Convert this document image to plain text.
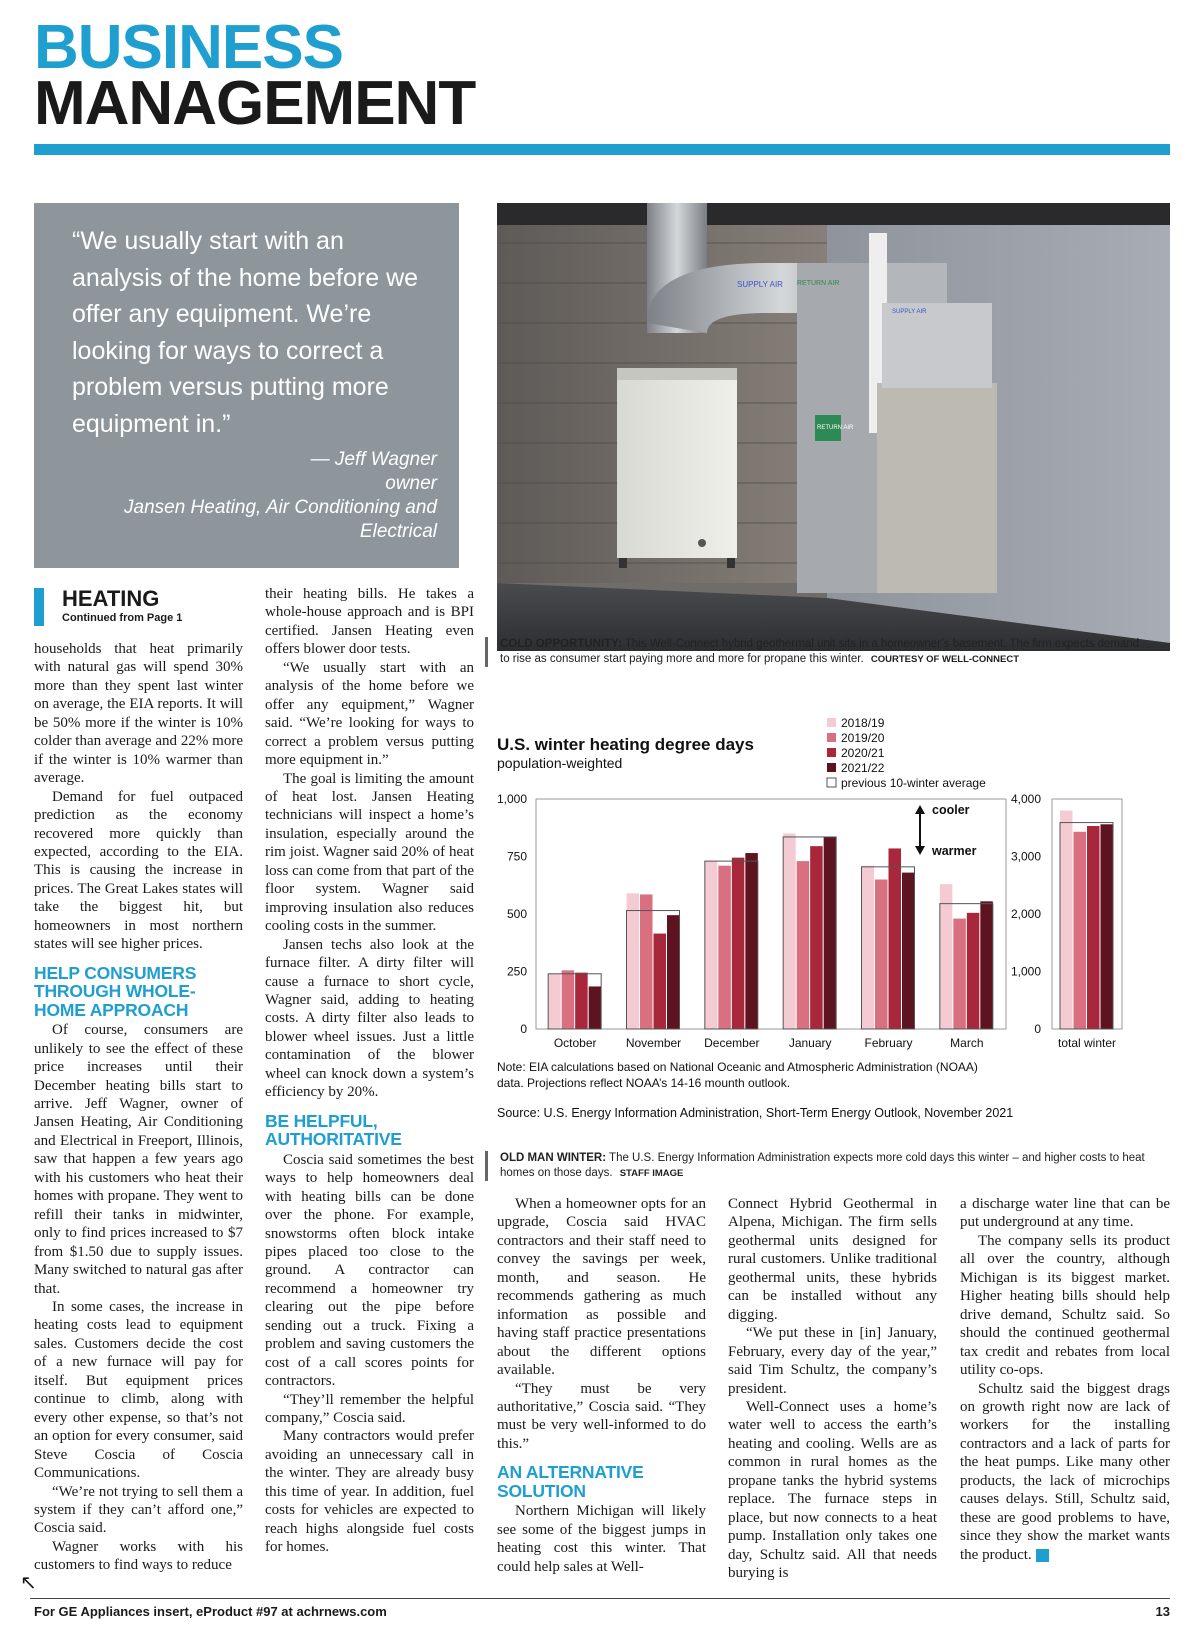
BUSINESS
MANAGEMENT
“We usually start with an analysis of the home before we offer any equipment. We’re looking for ways to correct a problem versus putting more equipment in.”
— Jeff Wagner
owner
Jansen Heating, Air Conditioning and Electrical
SUPPLY AIR RETURN AIR
RETURN AIR
SUPPLY AIR
COLD OPPORTUNITY: This Well-Connect hybrid geothermal unit sits in a homeowner’s basement. The firm expects demand to rise as consumer start paying more and more for propane this winter. COURTESY OF WELL-CONNECT
U.S. winter heating degree days
population-weighted
2018/19
2019/20
2020/21
2021/22
previous 10-winter average
0
250
500
750
1,000
October November December January	February	March
cooler
warmer
0
1,000
2,000
3,000
4,000
total winter
Note: EIA calculations based on National Oceanic and Atmospheric Administration (NOAA) data. Projections reflect NOAA’s 14-16 mounth outlook.
Source: U.S. Energy Information Administration, Short-Term Energy Outlook, November 2021
OLD MAN WINTER: The U.S. Energy Information Administration expects more cold days this winter – and higher costs to heat homes on those days. STAFF IMAGE
HEATING
Continued from Page 1

households that heat primarily with natural gas will spend 30% more than they spent last winter on average, the EIA reports. It will be 50% more if the winter is 10% colder than average and 22% more if the winter is 10% warmer than average.

Demand for fuel outpaced prediction as the economy recovered more quickly than expected, according to the EIA. This is causing the increase in prices. The Great Lakes states will take the biggest hit, but homeowners in most northern states will see higher prices.

HELP CONSUMERS THROUGH WHOLE-HOME APPROACH

Of course, consumers are unlikely to see the effect of these price increases until their December heating bills start to arrive. Jeff Wagner, owner of Jansen Heating, Air Conditioning and Electrical in Freeport, Illinois, saw that happen a few years ago with his customers who heat their homes with propane. They went to refill their tanks in midwinter, only to find prices increased to $7 from $1.50 due to supply issues. Many switched to natural gas after that.

In some cases, the increase in heating costs lead to equipment sales. Customers decide the cost of a new furnace will pay for itself. But equipment prices continue to climb, along with every other expense, so that’s not an option for every consumer, said Steve Coscia of Coscia Communications.

“We’re not trying to sell them a system if they can’t afford one,” Coscia said.

Wagner works with his customers to find ways to reduce

their heating bills. He takes a whole-house approach and is BPI certified. Jansen Heating even offers blower door tests.

“We usually start with an analysis of the home before we offer any equipment,” Wagner said. “We’re looking for ways to correct a problem versus putting more equipment in.”

The goal is limiting the amount of heat lost. Jansen Heating technicians will inspect a home’s insulation, especially around the rim joist. Wagner said 20% of heat loss can come from that part of the floor system. Wagner said improving insulation also reduces cooling costs in the summer.

Jansen techs also look at the furnace filter. A dirty filter will cause a furnace to short cycle, Wagner said, adding to heating costs. A dirty filter also leads to blower wheel issues. Just a little contamination of the blower wheel can knock down a system’s efficiency by 20%.

BE HELPFUL, AUTHORITATIVE

Coscia said sometimes the best ways to help homeowners deal with heating bills can be done over the phone. For example, snowstorms often block intake pipes placed too close to the ground. A contractor can recommend a homeowner try clearing out the pipe before sending out a truck. Fixing a problem and saving customers the cost of a call scores points for contractors.

“They’ll remember the helpful company,” Coscia said.

Many contractors would prefer avoiding an unnecessary call in the winter. They are already busy this time of year. In addition, fuel costs for vehicles are expected to reach highs alongside fuel costs for homes.

When a homeowner opts for an upgrade, Coscia said HVAC contractors and their staff need to convey the savings per week, month, and season. He recommends gathering as much information as possible and having staff practice presentations about the different options available.

“They must be very authoritative,” Coscia said. “They must be very well-informed to do this.”

AN ALTERNATIVE SOLUTION

Northern Michigan will likely see some of the biggest jumps in heating cost this winter. That could help sales at Well-

Connect Hybrid Geothermal in Alpena, Michigan. The firm sells geothermal units designed for rural customers. Unlike traditional geothermal units, these hybrids can be installed without any digging.

“We put these in [in] January, February, every day of the year,” said Tim Schultz, the company’s president.

Well-Connect uses a home’s water well to access the earth’s heating and cooling. Wells are as common in rural homes as the propane tanks the hybrid systems replace. The furnace steps in place, but now connects to a heat pump. Installation only takes one day, Schultz said. All that needs burying is

a discharge water line that can be put underground at any time.

The company sells its product all over the country, although Michigan is its biggest market. Higher heating bills should help drive demand, Schultz said. So should the continued geothermal tax credit and rebates from local utility co-ops.

Schultz said the biggest drags on growth right now are lack of workers for the installing contractors and a lack of parts for the heat pumps. Like many other products, the lack of microchips causes delays. Still, Schultz said, these are good problems to have, since they show the market wants the product. N

↖
For GE Appliances insert, eProduct #97 at achrnews.com	13
